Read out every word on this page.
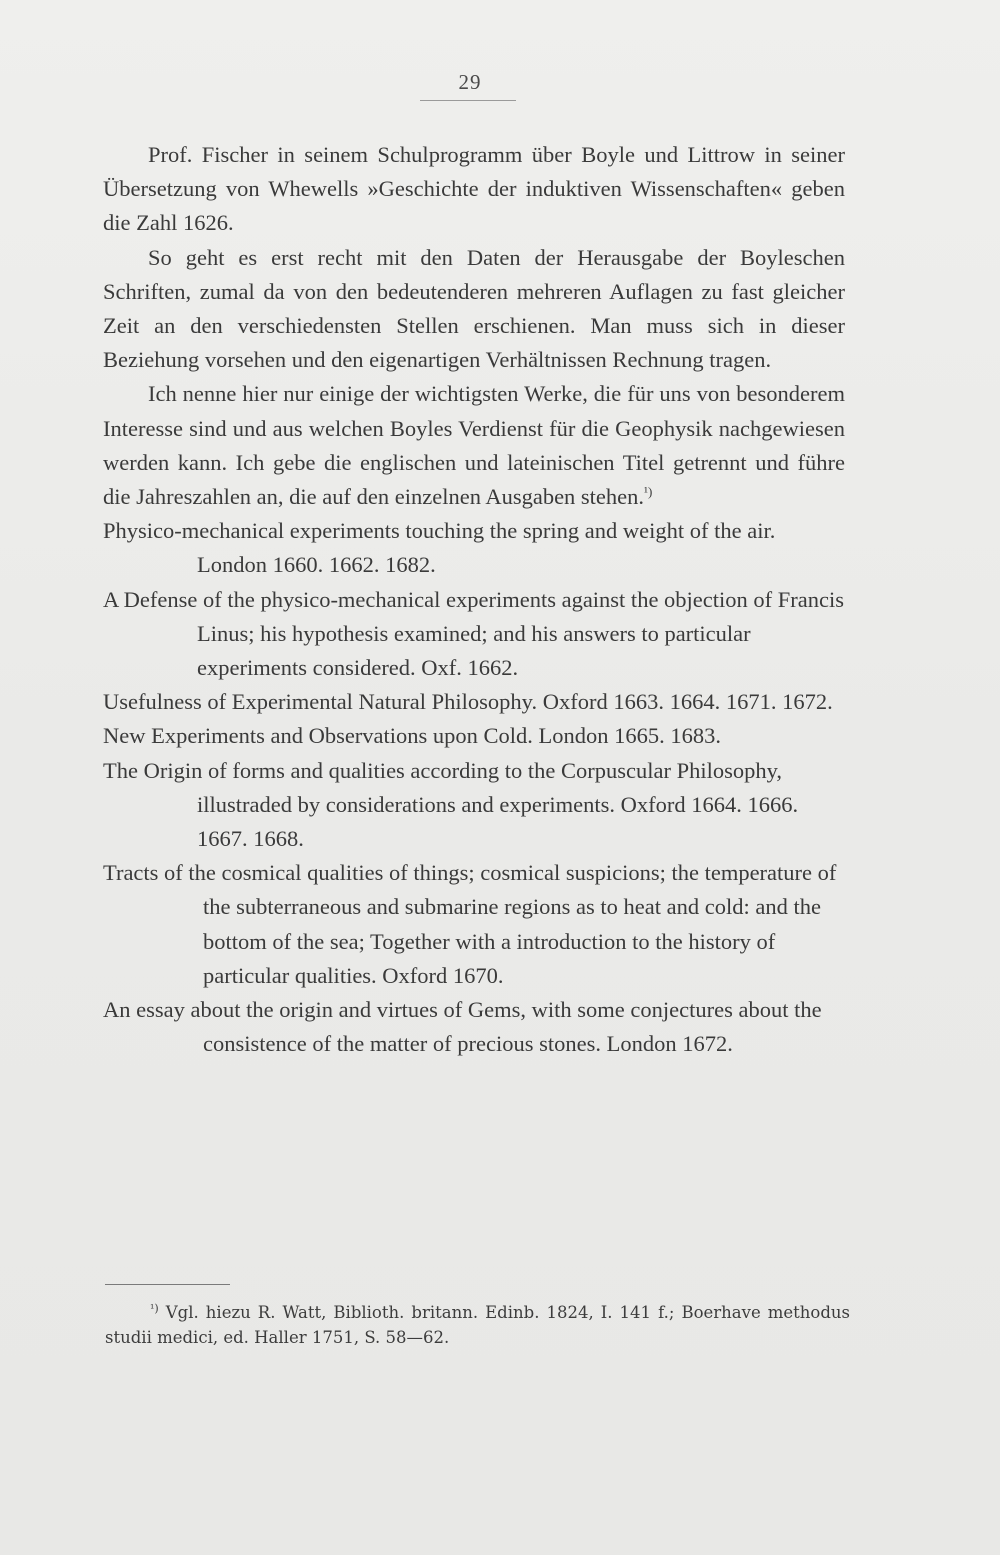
29

Prof. Fischer in seinem Schulprogramm über Boyle und Littrow in seiner Übersetzung von Whewells »Geschichte der induktiven Wissenschaften« geben die Zahl 1626.

So geht es erst recht mit den Daten der Herausgabe der Boyleschen Schriften, zumal da von den bedeutenderen mehreren Auflagen zu fast gleicher Zeit an den verschiedensten Stellen erschienen. Man muss sich in dieser Beziehung vorsehen und den eigenartigen Verhältnissen Rechnung tragen.

Ich nenne hier nur einige der wichtigsten Werke, die für uns von besonderem Interesse sind und aus welchen Boyles Verdienst für die Geophysik nachgewiesen werden kann. Ich gebe die englischen und lateinischen Titel getrennt und führe die Jahreszahlen an, die auf den einzelnen Ausgaben stehen.$^{^1)}$

Physico-mechanical experiments touching the spring and weight of the air. London 1660. 1662. 1682.
A Defense of the physico-mechanical experiments against the objection of Francis Linus; his hypothesis examined; and his answers to particular experiments considered. Oxf. 1662.
Usefulness of Experimental Natural Philosophy. Oxford 1663. 1664. 1671. 1672.
New Experiments and Observations upon Cold. London 1665. 1683.
The Origin of forms and qualities according to the Corpuscular Philosophy, illustraded by considerations and experiments. Oxford 1664. 1666. 1667. 1668.
Tracts of the cosmical qualities of things; cosmical suspicions; the temperature of the subterraneous and submarine regions as to heat and cold: and the bottom of the sea; Together with a introduction to the history of particular qualities. Oxford 1670.
An essay about the origin and virtues of Gems, with some conjectures about the consistence of the matter of precious stones. London 1672.
$^{^1)}$ Vgl. hiezu R. Watt, Biblioth. britann. Edinb. 1824, I. 141 f.; Boerhave methodus studii medici, ed. Haller 1751, S. 58—62.
